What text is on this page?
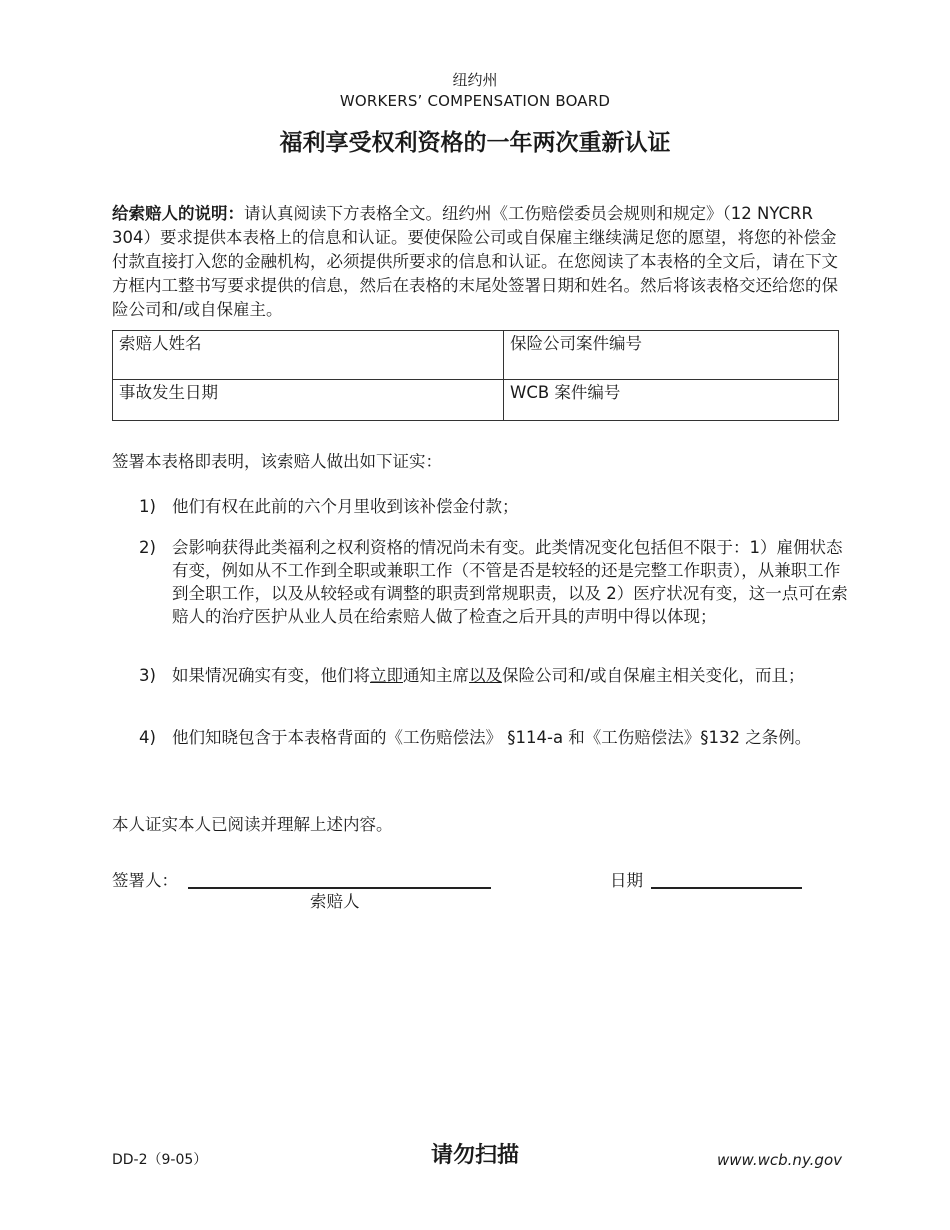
纽约州
WORKERS’ COMPENSATION BOARD
福利享受权利资格的一年两次重新认证

给索赔人的说明：请认真阅读下方表格全文。纽约州《工伤赔偿委员会规则和规定》（12 NYCRR 304）要求提供本表格上的信息和认证。要使保险公司或自保雇主继续满足您的愿望，将您的补偿金付款直接打入您的金融机构，必须提供所要求的信息和认证。在您阅读了本表格的全文后，请在下文方框内工整书写要求提供的信息，然后在表格的末尾处签署日期和姓名。然后将该表格交还给您的保险公司和/或自保雇主。

索赔人姓名	保险公司案件编号
事故发生日期	WCB 案件编号

签署本表格即表明，该索赔人做出如下证实：

1) 他们有权在此前的六个月里收到该补偿金付款；
2) 会影响获得此类福利之权利资格的情况尚未有变。此类情况变化包括但不限于：1）雇佣状态有变，例如从不工作到全职或兼职工作（不管是否是较轻的还是完整工作职责），从兼职工作到全职工作，以及从较轻或有调整的职责到常规职责，以及 2）医疗状况有变，这一点可在索赔人的治疗医护从业人员在给索赔人做了检查之后开具的声明中得以体现；
3) 如果情况确实有变，他们将立即通知主席以及保险公司和/或自保雇主相关变化，而且；
4) 他们知晓包含于本表格背面的《工伤赔偿法》 §114-a 和《工伤赔偿法》§132 之条例。

本人证实本人已阅读并理解上述内容。

签署人：
索赔人
日期
DD-2（9-05）	请勿扫描	www.wcb.ny.gov
